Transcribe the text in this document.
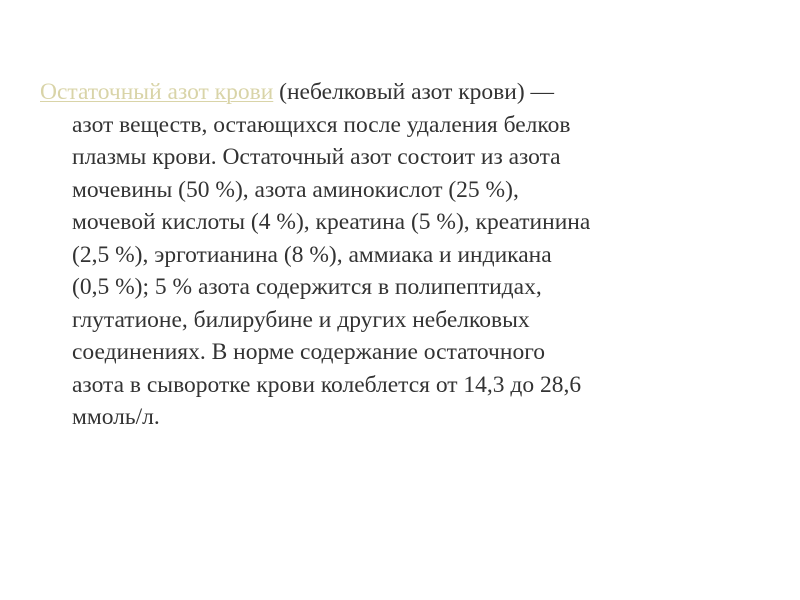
Остаточный азот крови (небелковый азот крови) —
азот веществ, остающихся после удаления белков
плазмы крови. Остаточный азот состоит из азота
мочевины (50 %), азота аминокислот (25 %),
мочевой кислоты (4 %), креатина (5 %), креатинина
(2,5 %), эрготианина (8 %), аммиака и индикана
(0,5 %); 5 % азота содержится в полипептидах,
глутатионе, билирубине и других небелковых
соединениях. В норме содержание остаточного
азота в сыворотке крови колеблется от 14,3 до 28,6
ммоль/л.
